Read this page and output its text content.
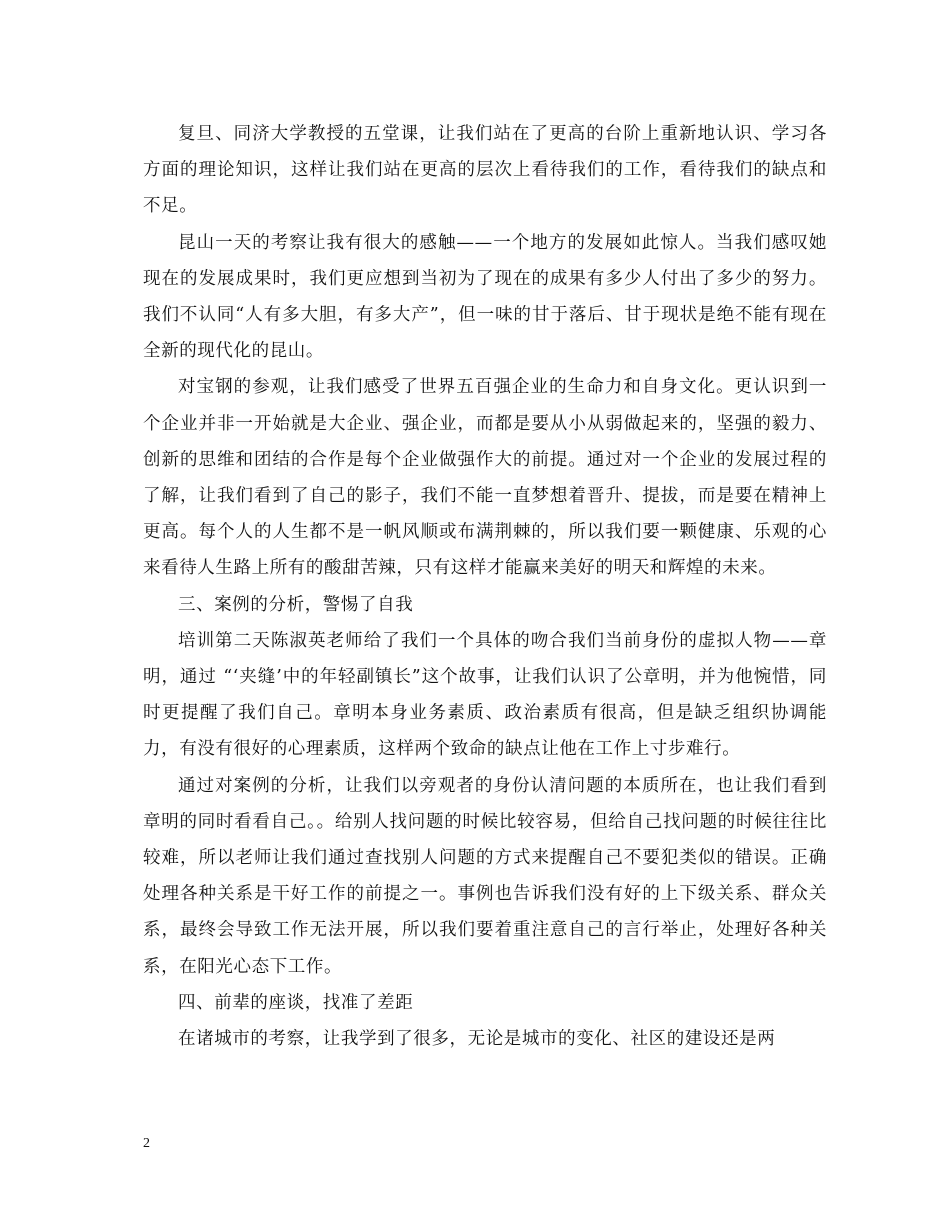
复旦、同济大学教授的五堂课，让我们站在了更高的台阶上重新地认识、学习各方面的理论知识，这样让我们站在更高的层次上看待我们的工作，看待我们的缺点和不足。

昆山一天的考察让我有很大的感触——一个地方的发展如此惊人。当我们感叹她现在的发展成果时，我们更应想到当初为了现在的成果有多少人付出了多少的努力。我们不认同“人有多大胆，有多大产”，但一味的甘于落后、甘于现状是绝不能有现在全新的现代化的昆山。

对宝钢的参观，让我们感受了世界五百强企业的生命力和自身文化。更认识到一个企业并非一开始就是大企业、强企业，而都是要从小从弱做起来的，坚强的毅力、创新的思维和团结的合作是每个企业做强作大的前提。通过对一个企业的发展过程的了解，让我们看到了自己的影子，我们不能一直梦想着晋升、提拔，而是要在精神上更高。每个人的人生都不是一帆风顺或布满荆棘的，所以我们要一颗健康、乐观的心来看待人生路上所有的酸甜苦辣，只有这样才能赢来美好的明天和辉煌的未来。

三、案例的分析，警惕了自我

培训第二天陈淑英老师给了我们一个具体的吻合我们当前身份的虚拟人物——章明，通过 “‘夹缝’中的年轻副镇长”这个故事，让我们认识了公章明，并为他惋惜，同时更提醒了我们自己。章明本身业务素质、政治素质有很高，但是缺乏组织协调能力，有没有很好的心理素质，这样两个致命的缺点让他在工作上寸步难行。

通过对案例的分析，让我们以旁观者的身份认清问题的本质所在，也让我们看到章明的同时看看自己。。给别人找问题的时候比较容易，但给自己找问题的时候往往比较难，所以老师让我们通过查找别人问题的方式来提醒自己不要犯类似的错误。正确处理各种关系是干好工作的前提之一。事例也告诉我们没有好的上下级关系、群众关系，最终会导致工作无法开展，所以我们要着重注意自己的言行举止，处理好各种关系，在阳光心态下工作。

四、前辈的座谈，找准了差距

在诸城市的考察，让我学到了很多，无论是城市的变化、社区的建设还是两

2
